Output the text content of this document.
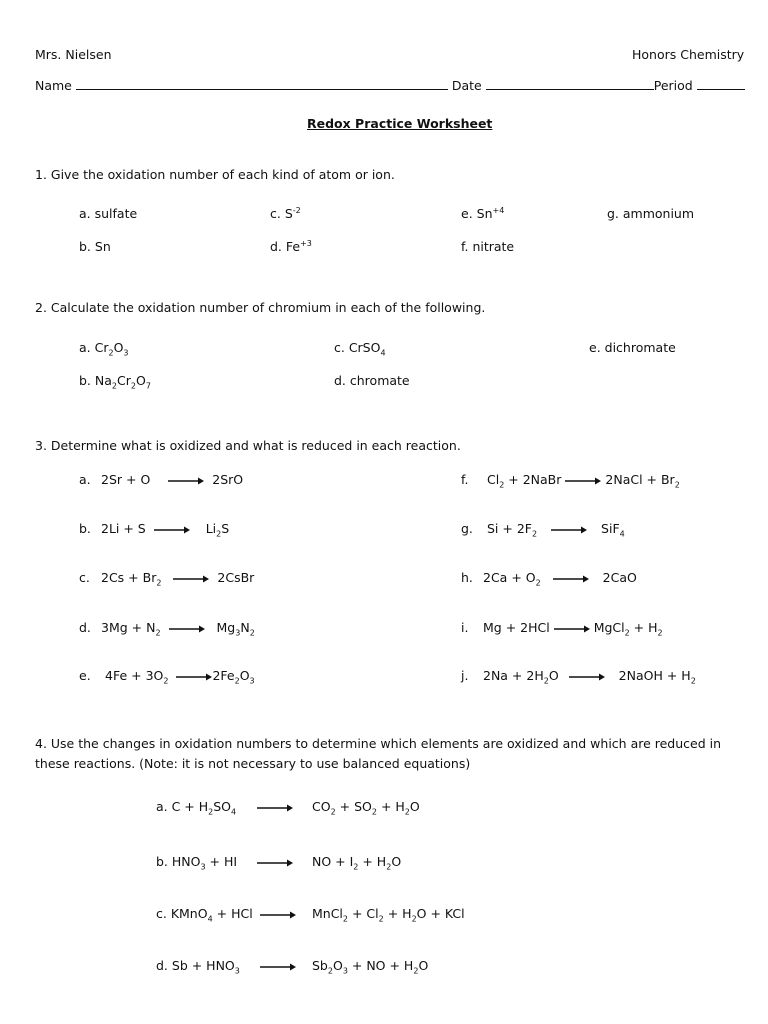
Mrs. Nielsen	Honors Chemistry
Name	Date	Period
Redox Practice Worksheet
1. Give the oxidation number of each kind of atom or ion.
a. sulfate	c. $S^{-2}$	e. $Sn^{+4}$	g. ammonium
b. Sn	d. $Fe^{+3}$	f. nitrate
2. Calculate the oxidation number of chromium in each of the following.
a. $Cr_2O_3$	c. CrSO$_4$	e. dichromate
b. $Na_2Cr_2O_7$	d. chromate
3. Determine what is oxidized and what is reduced in each reaction.
a. 2Sr + O	2SrO
b. 2Li + S	$Li_2S$
c. $2Cs + Br_2$	2CsBr
d. $3Mg + N_2$	$Mg_3N_2$
e. $4Fe + 3O_2$	$2Fe_2O_3$
f. $Cl_2$ + 2NaBr	2NaCl + $Br_2$
g. $Si + 2F_2$	SiF$_4$
h. $2Ca + O_2$	2CaO
i. Mg + 2HCl	MgCl$_2$ + $H_2$
j. $2Na + 2H_2O$	2NaOH + $H_2$
4. Use the changes in oxidation numbers to determine which elements are oxidized and which are reduced in
these reactions. (Note: it is not necessary to use balanced equations)
a. $C + H_2SO_4$	$CO_2 + SO_2 + H_2O$
b. $HNO_3$ + HI	NO + $I_2 + H_2O$
c. KMnO$_4$ + HCl	MnCl$_2$ + $Cl_2 + H_2O$ + KCl
d. $Sb + HNO_3$	$Sb_2O_3$ + NO + $H_2O$
